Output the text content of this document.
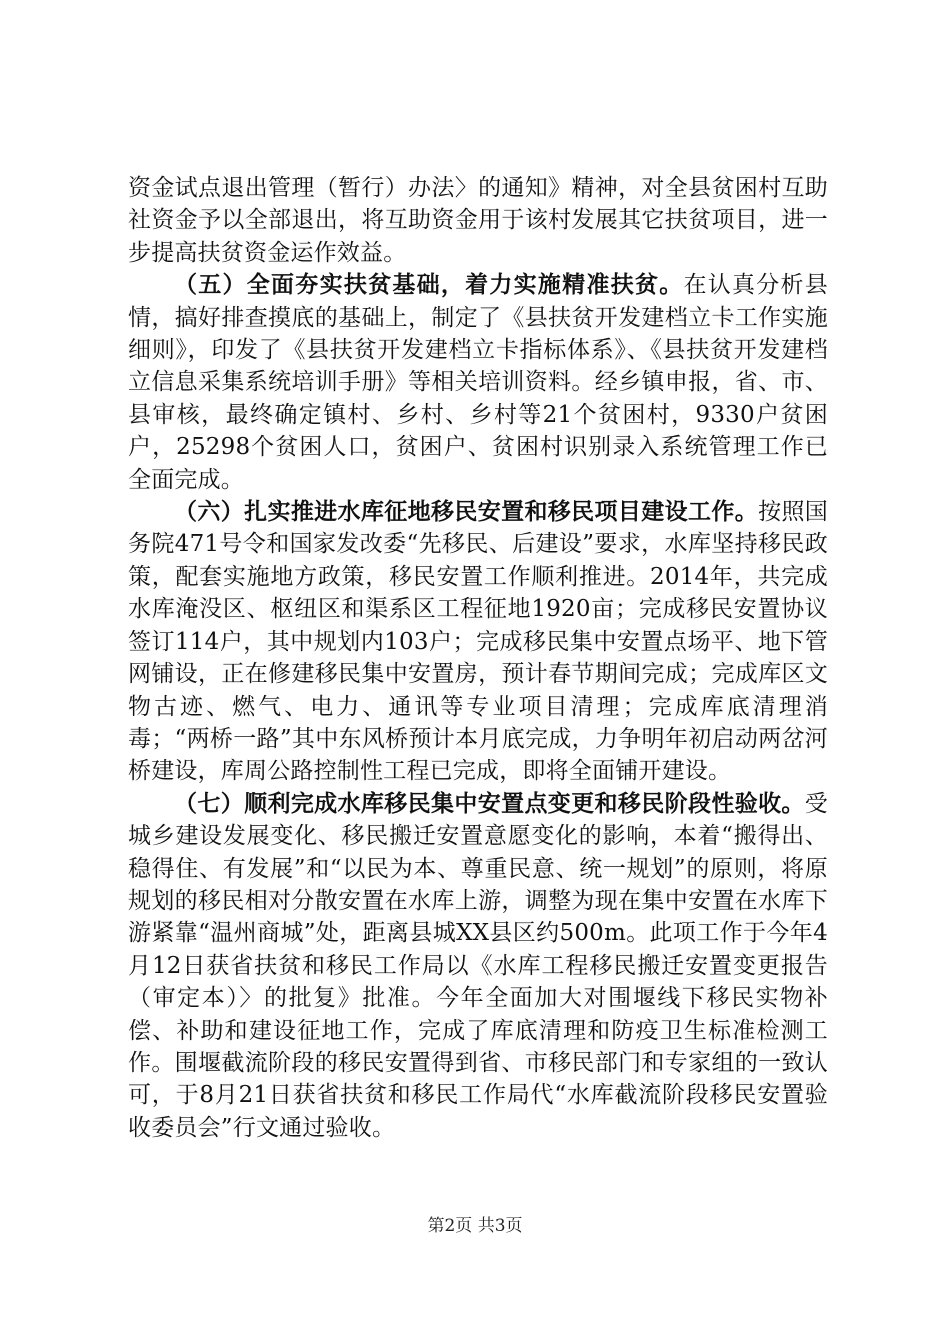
资金试点退出管理（暂行）办法〉的通知》精神，对全县贫困村互助社资金予以全部退出，将互助资金用于该村发展其它扶贫项目，进一步提高扶贫资金运作效益。

（五）全面夯实扶贫基础，着力实施精准扶贫。在认真分析县情，搞好排查摸底的基础上，制定了《县扶贫开发建档立卡工作实施细则》，印发了《县扶贫开发建档立卡指标体系》、《县扶贫开发建档立信息采集系统培训手册》等相关培训资料。经乡镇申报，省、市、县审核，最终确定镇村、乡村、乡村等21个贫困村，9330户贫困户，25298个贫困人口，贫困户、贫困村识别录入系统管理工作已全面完成。

（六）扎实推进水库征地移民安置和移民项目建设工作。按照国务院471号令和国家发改委“先移民、后建设”要求，水库坚持移民政策，配套实施地方政策，移民安置工作顺利推进。2014年，共完成水库淹没区、枢纽区和渠系区工程征地1920亩；完成移民安置协议签订114户，其中规划内103户；完成移民集中安置点场平、地下管网铺设，正在修建移民集中安置房，预计春节期间完成；完成库区文物古迹、燃气、电力、通讯等专业项目清理；完成库底清理消毒；“两桥一路”其中东风桥预计本月底完成，力争明年初启动两岔河桥建设，库周公路控制性工程已完成，即将全面铺开建设。

（七）顺利完成水库移民集中安置点变更和移民阶段性验收。受城乡建设发展变化、移民搬迁安置意愿变化的影响，本着“搬得出、稳得住、有发展”和“以民为本、尊重民意、统一规划”的原则，将原规划的移民相对分散安置在水库上游，调整为现在集中安置在水库下游紧靠“温州商城”处，距离县城XX县区约500m。此项工作于今年4月12日获省扶贫和移民工作局以《水库工程移民搬迁安置变更报告（审定本）〉的批复》批准。今年全面加大对围堰线下移民实物补偿、补助和建设征地工作，完成了库底清理和防疫卫生标准检测工作。围堰截流阶段的移民安置得到省、市移民部门和专家组的一致认可，于8月21日获省扶贫和移民工作局代“水库截流阶段移民安置验收委员会”行文通过验收。

第2页 共3页
